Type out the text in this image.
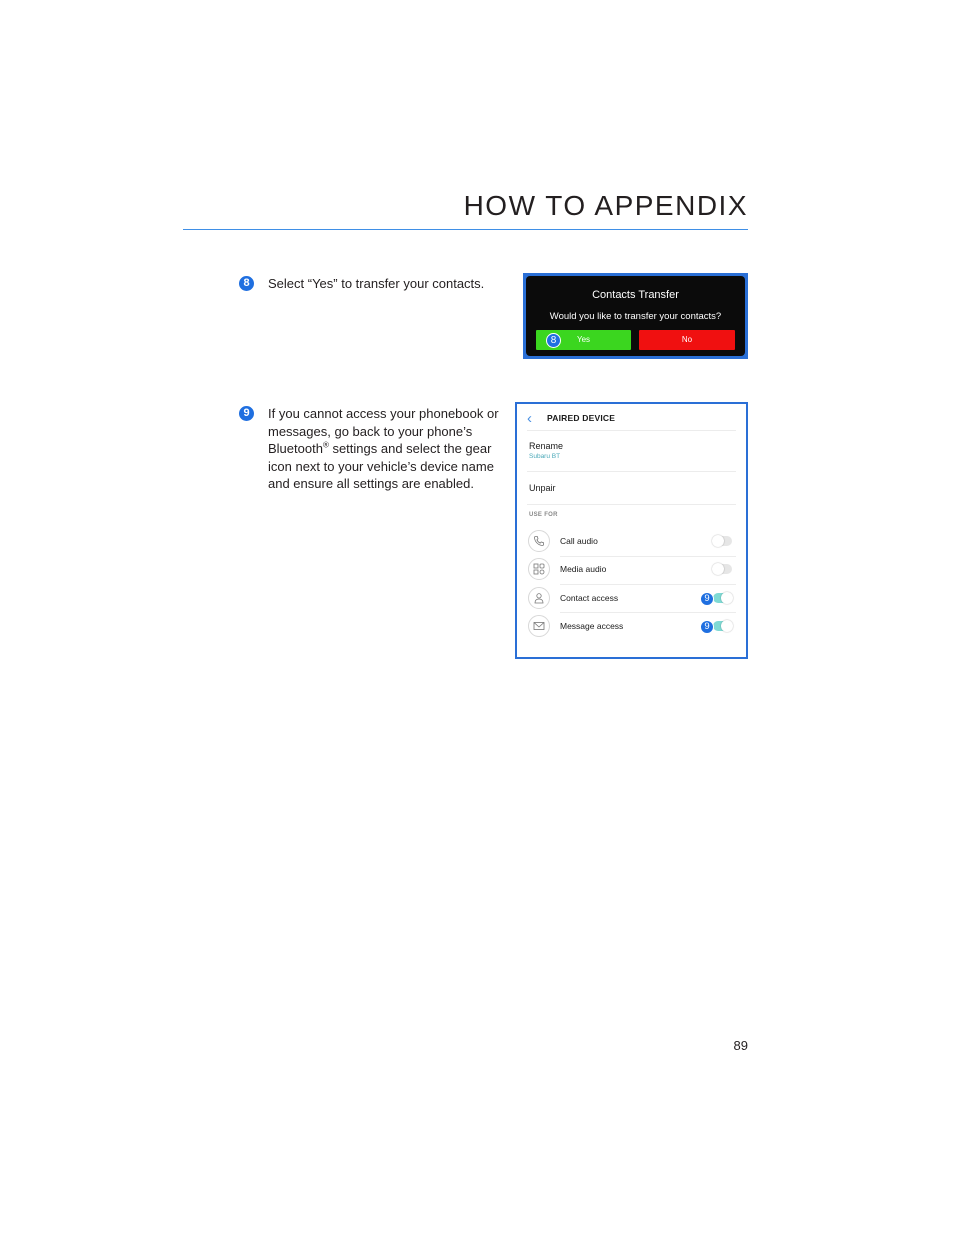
HOW TO APPENDIX
8	Select “Yes” to transfer your contacts.
Contacts Transfer
Would you like to transfer your contacts?
Yes	No
8
9	If you cannot access your phonebook or messages, go back to your phone’s Bluetooth® settings and select the gear icon next to your vehicle’s device name and ensure all settings are enabled.
‹ PAIRED DEVICE
Rename
Subaru BT
Unpair
USE FOR
Call audio
Media audio
Contact access	9
Message access	9
89
